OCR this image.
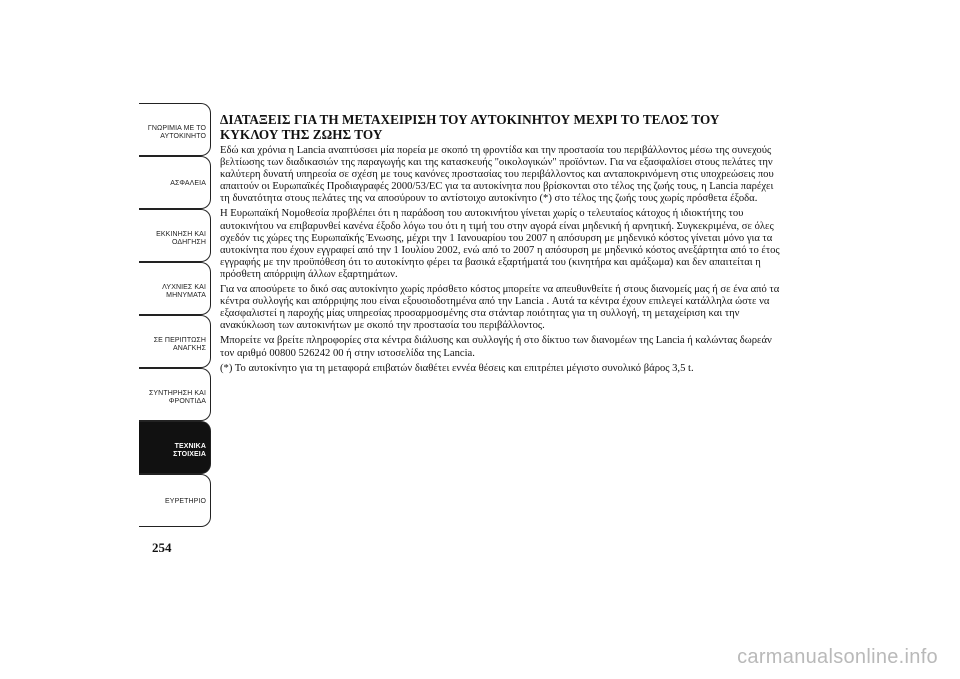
ΓΝΩΡΙΜΙΑ ΜΕ ΤΟ
ΑΥΤΟΚΙΝΗΤΟ
ΑΣΦΑΛΕΙΑ
ΕΚΚΙΝΗΣΗ ΚΑΙ
ΟΔΗΓΗΣΗ
ΛΥΧΝΙΕΣ ΚΑΙ
ΜΗΝΥΜΑΤΑ
ΣΕ ΠΕΡΙΠΤΩΣΗ
ΑΝΑΓΚΗΣ
ΣΥΝΤΗΡΗΣΗ ΚΑΙ
ΦΡΟΝΤΙΔΑ
ΤΕΧΝΙΚΑ
ΣΤΟΙΧΕΙΑ
ΕΥΡΕΤΗΡΙΟ
254
ΔΙΑΤΑΞΕΙΣ ΓΙΑ ΤΗ ΜΕΤΑΧΕΙΡΙΣΗ ΤΟΥ ΑΥΤΟΚΙΝΗΤΟΥ ΜΕΧΡΙ ΤΟ ΤΕΛΟΣ ΤΟΥ ΚΥΚΛΟΥ ΤΗΣ ΖΩΗΣ ΤΟΥ

Εδώ και χρόνια η Lancia αναπτύσσει μία πορεία με σκοπό τη φροντίδα και την προστασία του περιβάλλοντος μέσω της συνεχούς βελτίωσης των διαδικασιών της παραγωγής και της κατασκευής "οικολογικών" προϊόντων. Για να εξασφαλίσει στους πελάτες την καλύτερη δυνατή υπηρεσία σε σχέση με τους κανόνες προστασίας του περιβάλλοντος και ανταποκρινόμενη στις υποχρεώσεις που απαιτούν οι Ευρωπαϊκές Προδιαγραφές 2000/53/EC για τα αυτοκίνητα που βρίσκονται στο τέλος της ζωής τους, η Lancia παρέχει τη δυνατότητα στους πελάτες της να αποσύρουν το αντίστοιχο αυτοκίνητο (*) στο τέλος της ζωής τους χωρίς πρόσθετα έξοδα.

Η Ευρωπαϊκή Νομοθεσία προβλέπει ότι η παράδοση του αυτοκινήτου γίνεται χωρίς ο τελευταίος κάτοχος ή ιδιοκτήτης του αυτοκινήτου να επιβαρυνθεί κανένα έξοδο λόγω του ότι η τιμή του στην αγορά είναι μηδενική ή αρνητική. Συγκεκριμένα, σε όλες σχεδόν τις χώρες της Ευρωπαϊκής Ένωσης, μέχρι την 1 Ιανουαρίου του 2007 η απόσυρση με μηδενικό κόστος γίνεται μόνο για τα αυτοκίνητα που έχουν εγγραφεί από την 1 Ιουλίου 2002, ενώ από το 2007 η απόσυρση με μηδενικό κόστος ανεξάρτητα από το έτος εγγραφής με την προϋπόθεση ότι το αυτοκίνητο φέρει τα βασικά εξαρτήματά του (κινητήρα και αμάξωμα) και δεν απαιτείται η πρόσθετη απόρριψη άλλων εξαρτημάτων.

Για να αποσύρετε το δικό σας αυτοκίνητο χωρίς πρόσθετο κόστος μπορείτε να απευθυνθείτε ή στους διανομείς μας ή σε ένα από τα κέντρα συλλογής και απόρριψης που είναι εξουσιοδοτημένα από την Lancia . Αυτά τα κέντρα έχουν επιλεγεί κατάλληλα ώστε να εξασφαλιστεί η παροχής μίας υπηρεσίας προσαρμοσμένης στα στάνταρ ποιότητας για τη συλλογή, τη μεταχείριση και την ανακύκλωση των αυτοκινήτων με σκοπό την προστασία του περιβάλλοντος.

Μπορείτε να βρείτε πληροφορίες στα κέντρα διάλυσης και συλλογής ή στο δίκτυο των διανομέων της Lancia ή καλώντας δωρεάν τον αριθμό 00800 526242 00 ή στην ιστοσελίδα της Lancia.

(*) Το αυτοκίνητο για τη μεταφορά επιβατών διαθέτει εννέα θέσεις και επιτρέπει μέγιστο συνολικό βάρος 3,5 t.

carmanualsonline.info
